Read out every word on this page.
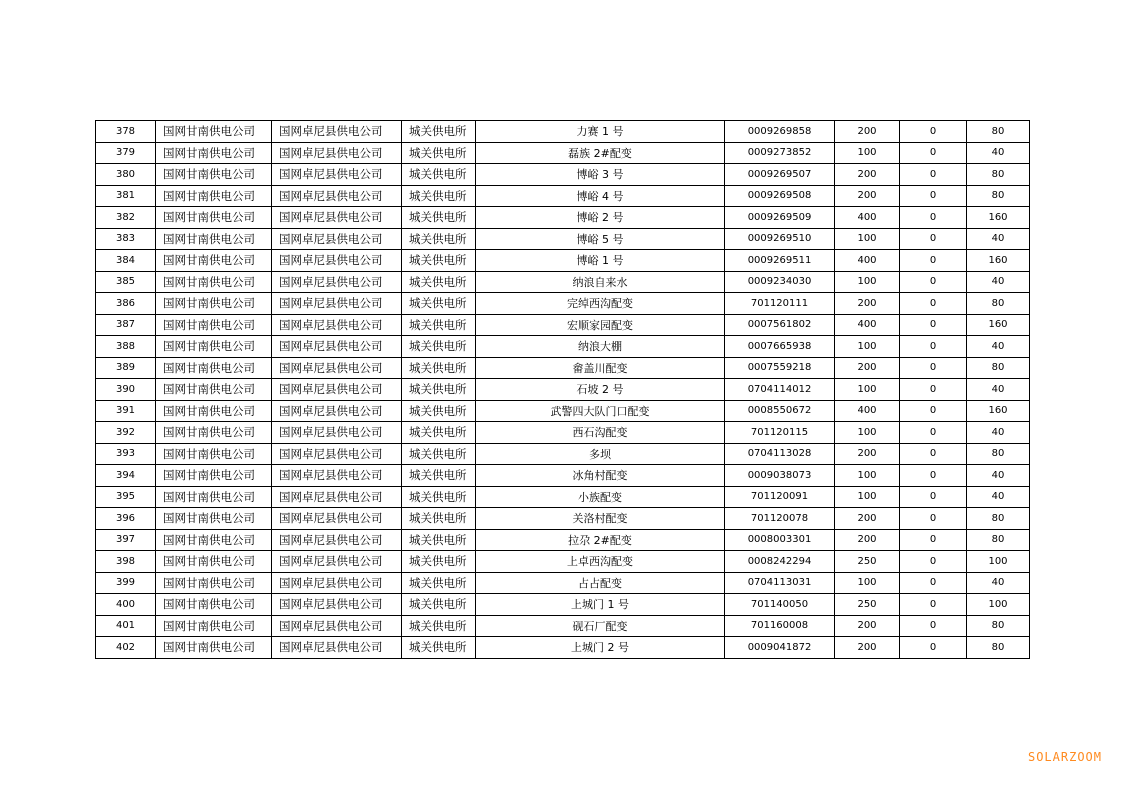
378	国网甘南供电公司	国网卓尼县供电公司	城关供电所	力赛 1 号	0009269858	200	0	80
379	国网甘南供电公司	国网卓尼县供电公司	城关供电所	磊族 2#配变	0009273852	100	0	40
380	国网甘南供电公司	国网卓尼县供电公司	城关供电所	博峪 3 号	0009269507	200	0	80
381	国网甘南供电公司	国网卓尼县供电公司	城关供电所	博峪 4 号	0009269508	200	0	80
382	国网甘南供电公司	国网卓尼县供电公司	城关供电所	博峪 2 号	0009269509	400	0	160
383	国网甘南供电公司	国网卓尼县供电公司	城关供电所	博峪 5 号	0009269510	100	0	40
384	国网甘南供电公司	国网卓尼县供电公司	城关供电所	博峪 1 号	0009269511	400	0	160
385	国网甘南供电公司	国网卓尼县供电公司	城关供电所	纳浪自来水	0009234030	100	0	40
386	国网甘南供电公司	国网卓尼县供电公司	城关供电所	完绰西沟配变	701120111	200	0	80
387	国网甘南供电公司	国网卓尼县供电公司	城关供电所	宏顺家园配变	0007561802	400	0	160
388	国网甘南供电公司	国网卓尼县供电公司	城关供电所	纳浪大棚	0007665938	100	0	40
389	国网甘南供电公司	国网卓尼县供电公司	城关供电所	畲盖川配变	0007559218	200	0	80
390	国网甘南供电公司	国网卓尼县供电公司	城关供电所	石坡 2 号	0704114012	100	0	40
391	国网甘南供电公司	国网卓尼县供电公司	城关供电所	武警四大队门口配变	0008550672	400	0	160
392	国网甘南供电公司	国网卓尼县供电公司	城关供电所	西石沟配变	701120115	100	0	40
393	国网甘南供电公司	国网卓尼县供电公司	城关供电所	多坝	0704113028	200	0	80
394	国网甘南供电公司	国网卓尼县供电公司	城关供电所	冰角村配变	0009038073	100	0	40
395	国网甘南供电公司	国网卓尼县供电公司	城关供电所	小族配变	701120091	100	0	40
396	国网甘南供电公司	国网卓尼县供电公司	城关供电所	关洛村配变	701120078	200	0	80
397	国网甘南供电公司	国网卓尼县供电公司	城关供电所	拉尕 2#配变	0008003301	200	0	80
398	国网甘南供电公司	国网卓尼县供电公司	城关供电所	上卓西沟配变	0008242294	250	0	100
399	国网甘南供电公司	国网卓尼县供电公司	城关供电所	占占配变	0704113031	100	0	40
400	国网甘南供电公司	国网卓尼县供电公司	城关供电所	上城门 1 号	701140050	250	0	100
401	国网甘南供电公司	国网卓尼县供电公司	城关供电所	砚石厂配变	701160008	200	0	80
402	国网甘南供电公司	国网卓尼县供电公司	城关供电所	上城门 2 号	0009041872	200	0	80
SOLARZOOM
